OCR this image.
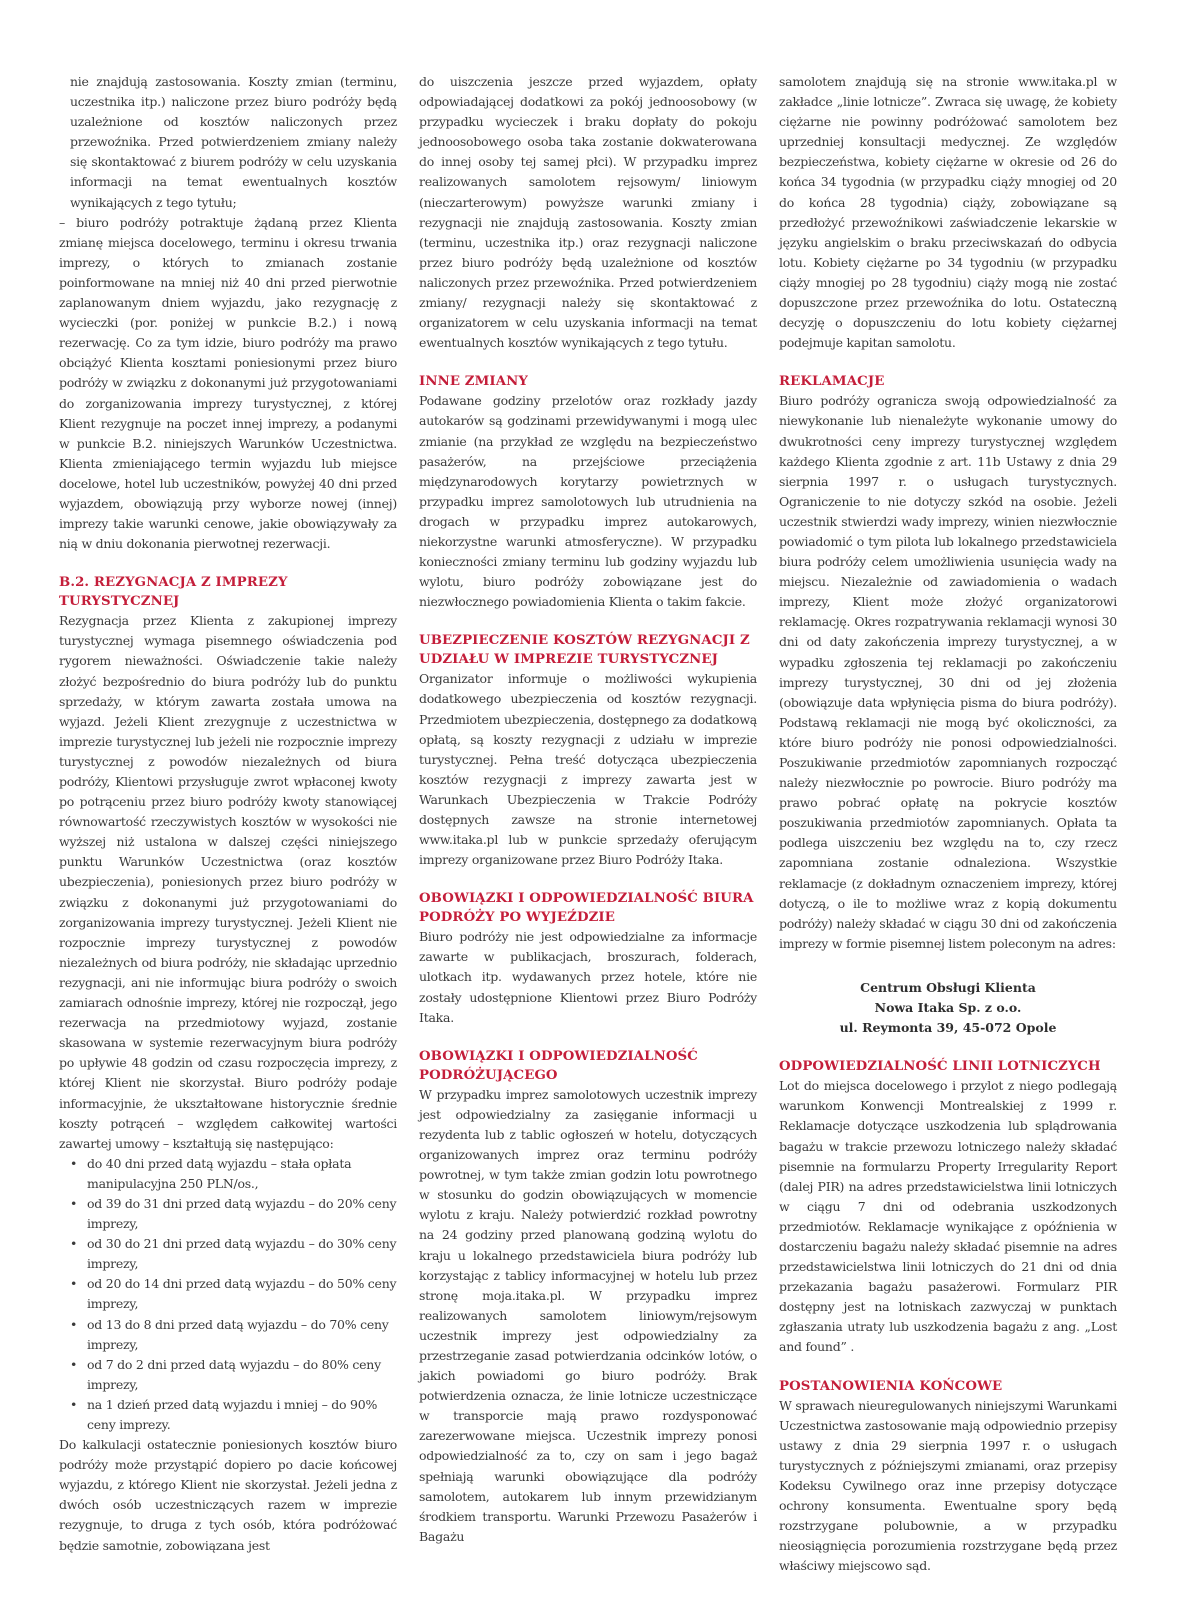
nie znajdują zastosowania. Koszty zmian (terminu, uczestnika itp.) naliczone przez biuro podróży będą uzależnione od kosztów naliczonych przez przewoźnika. Przed potwierdzeniem zmiany należy się skontaktować z biurem podróży w celu uzyskania informacji na temat ewentualnych kosztów wynikających z tego tytułu;

– biuro podróży potraktuje żądaną przez Klienta zmianę miejsca docelowego, terminu i okresu trwania imprezy, o których to zmianach zostanie poinformowane na mniej niż 40 dni przed pierwotnie zaplanowanym dniem wyjazdu, jako rezygnację z wycieczki (por. poniżej w punkcie B.2.) i nową rezerwację. Co za tym idzie, biuro podróży ma prawo obciążyć Klienta kosztami poniesionymi przez biuro podróży w związku z dokonanymi już przygotowaniami do zorganizowania imprezy turystycznej, z której Klient rezygnuje na poczet innej imprezy, a podanymi w punkcie B.2. niniejszych Warunków Uczestnictwa. Klienta zmieniającego termin wyjazdu lub miejsce docelowe, hotel lub uczestników, powyżej 40 dni przed wyjazdem, obowiązują przy wyborze nowej (innej) imprezy takie warunki cenowe, jakie obowiązywały za nią w dniu dokonania pierwotnej rezerwacji.

B.2. REZYGNACJA Z IMPREZY TURYSTYCZNEJ

Rezygnacja przez Klienta z zakupionej imprezy turystycznej wymaga pisemnego oświadczenia pod rygorem nieważności. Oświadczenie takie należy złożyć bezpośrednio do biura podróży lub do punktu sprzedaży, w którym zawarta została umowa na wyjazd. Jeżeli Klient zrezygnuje z uczestnictwa w imprezie turystycznej lub jeżeli nie rozpocznie imprezy turystycznej z powodów niezależnych od biura podróży, Klientowi przysługuje zwrot wpłaconej kwoty po potrąceniu przez biuro podróży kwoty stanowiącej równowartość rzeczywistych kosztów w wysokości nie wyższej niż ustalona w dalszej części niniejszego punktu Warunków Uczestnictwa (oraz kosztów ubezpieczenia), poniesionych przez biuro podróży w związku z dokonanymi już przygotowaniami do zorganizowania imprezy turystycznej. Jeżeli Klient nie rozpocznie imprezy turystycznej z powodów niezależnych od biura podróży, nie składając uprzednio rezygnacji, ani nie informując biura podróży o swoich zamiarach odnośnie imprezy, której nie rozpoczął, jego rezerwacja na przedmiotowy wyjazd, zostanie skasowana w systemie rezerwacyjnym biura podróży po upływie 48 godzin od czasu rozpoczęcia imprezy, z której Klient nie skorzystał. Biuro podróży podaje informacyjnie, że ukształtowane historycznie średnie koszty potrąceń – względem całkowitej wartości zawartej umowy – kształtują się następująco:

• do 40 dni przed datą wyjazdu – stała opłata manipulacyjna 250 PLN/os.,
• od 39 do 31 dni przed datą wyjazdu – do 20% ceny imprezy,
• od 30 do 21 dni przed datą wyjazdu – do 30% ceny imprezy,
• od 20 do 14 dni przed datą wyjazdu – do 50% ceny imprezy,
• od 13 do 8 dni przed datą wyjazdu – do 70% ceny imprezy,
• od 7 do 2 dni przed datą wyjazdu – do 80% ceny imprezy,
• na 1 dzień przed datą wyjazdu i mniej – do 90% ceny imprezy.

Do kalkulacji ostatecznie poniesionych kosztów biuro podróży może przystąpić dopiero po dacie końcowej wyjazdu, z którego Klient nie skorzystał. Jeżeli jedna z dwóch osób uczestniczących razem w imprezie rezygnuje, to druga z tych osób, która podróżować będzie samotnie, zobowiązana jest

do uiszczenia jeszcze przed wyjazdem, opłaty odpowiadającej dodatkowi za pokój jednoosobowy (w przypadku wycieczek i braku dopłaty do pokoju jednoosobowego osoba taka zostanie dokwaterowana do innej osoby tej samej płci). W przypadku imprez realizowanych samolotem rejsowym/ liniowym (nieczarterowym) powyższe warunki zmiany i rezygnacji nie znajdują zastosowania. Koszty zmian (terminu, uczestnika itp.) oraz rezygnacji naliczone przez biuro podróży będą uzależnione od kosztów naliczonych przez przewoźnika. Przed potwierdzeniem zmiany/ rezygnacji należy się skontaktować z organizatorem w celu uzyskania informacji na temat ewentualnych kosztów wynikających z tego tytułu.

INNE ZMIANY

Podawane godziny przelotów oraz rozkłady jazdy autokarów są godzinami przewidywanymi i mogą ulec zmianie (na przykład ze względu na bezpieczeństwo pasażerów, na przejściowe przeciążenia międzynarodowych korytarzy powietrznych w przypadku imprez samolotowych lub utrudnienia na drogach w przypadku imprez autokarowych, niekorzystne warunki atmosferyczne). W przypadku konieczności zmiany terminu lub godziny wyjazdu lub wylotu, biuro podróży zobowiązane jest do niezwłocznego powiadomienia Klienta o takim fakcie.

UBEZPIECZENIE KOSZTÓW REZYGNACJI Z UDZIAŁU W IMPREZIE TURYSTYCZNEJ

Organizator informuje o możliwości wykupienia dodatkowego ubezpieczenia od kosztów rezygnacji. Przedmiotem ubezpieczenia, dostępnego za dodatkową opłatą, są koszty rezygnacji z udziału w imprezie turystycznej. Pełna treść dotycząca ubezpieczenia kosztów rezygnacji z imprezy zawarta jest w Warunkach Ubezpieczenia w Trakcie Podróży dostępnych zawsze na stronie internetowej www.itaka.pl lub w punkcie sprzedaży oferującym imprezy organizowane przez Biuro Podróży Itaka.

OBOWIĄZKI I ODPOWIEDZIALNOŚĆ BIURA PODRÓŻY PO WYJEŹDZIE

Biuro podróży nie jest odpowiedzialne za informacje zawarte w publikacjach, broszurach, folderach, ulotkach itp. wydawanych przez hotele, które nie zostały udostępnione Klientowi przez Biuro Podróży Itaka.

OBOWIĄZKI I ODPOWIEDZIALNOŚĆ PODRÓŻUJĄCEGO

W przypadku imprez samolotowych uczestnik imprezy jest odpowiedzialny za zasięganie informacji u rezydenta lub z tablic ogłoszeń w hotelu, dotyczących organizowanych imprez oraz terminu podróży powrotnej, w tym także zmian godzin lotu powrotnego w stosunku do godzin obowiązujących w momencie wylotu z kraju. Należy potwierdzić rozkład powrotny na 24 godziny przed planowaną godziną wylotu do kraju u lokalnego przedstawiciela biura podróży lub korzystając z tablicy informacyjnej w hotelu lub przez stronę moja.itaka.pl. W przypadku imprez realizowanych samolotem liniowym/rejsowym uczestnik imprezy jest odpowiedzialny za przestrzeganie zasad potwierdzania odcinków lotów, o jakich powiadomi go biuro podróży. Brak potwierdzenia oznacza, że linie lotnicze uczestniczące w transporcie mają prawo rozdysponować zarezerwowane miejsca. Uczestnik imprezy ponosi odpowiedzialność za to, czy on sam i jego bagaż spełniają warunki obowiązujące dla podróży samolotem, autokarem lub innym przewidzianym środkiem transportu. Warunki Przewozu Pasażerów i Bagażu

samolotem znajdują się na stronie www.itaka.pl w zakładce „linie lotnicze”. Zwraca się uwagę, że kobiety ciężarne nie powinny podróżować samolotem bez uprzedniej konsultacji medycznej. Ze względów bezpieczeństwa, kobiety ciężarne w okresie od 26 do końca 34 tygodnia (w przypadku ciąży mnogiej od 20 do końca 28 tygodnia) ciąży, zobowiązane są przedłożyć przewoźnikowi zaświadczenie lekarskie w języku angielskim o braku przeciwskazań do odbycia lotu. Kobiety ciężarne po 34 tygodniu (w przypadku ciąży mnogiej po 28 tygodniu) ciąży mogą nie zostać dopuszczone przez przewoźnika do lotu. Ostateczną decyzję o dopuszczeniu do lotu kobiety ciężarnej podejmuje kapitan samolotu.

REKLAMACJE

Biuro podróży ogranicza swoją odpowiedzialność za niewykonanie lub nienależyte wykonanie umowy do dwukrotności ceny imprezy turystycznej względem każdego Klienta zgodnie z art. 11b Ustawy z dnia 29 sierpnia 1997 r. o usługach turystycznych. Ograniczenie to nie dotyczy szkód na osobie. Jeżeli uczestnik stwierdzi wady imprezy, winien niezwłocznie powiadomić o tym pilota lub lokalnego przedstawiciela biura podróży celem umożliwienia usunięcia wady na miejscu. Niezależnie od zawiadomienia o wadach imprezy, Klient może złożyć organizatorowi reklamację. Okres rozpatrywania reklamacji wynosi 30 dni od daty zakończenia imprezy turystycznej, a w wypadku zgłoszenia tej reklamacji po zakończeniu imprezy turystycznej, 30 dni od jej złożenia (obowiązuje data wpłynięcia pisma do biura podróży). Podstawą reklamacji nie mogą być okoliczności, za które biuro podróży nie ponosi odpowiedzialności. Poszukiwanie przedmiotów zapomnianych rozpocząć należy niezwłocznie po powrocie. Biuro podróży ma prawo pobrać opłatę na pokrycie kosztów poszukiwania przedmiotów zapomnianych. Opłata ta podlega uiszczeniu bez względu na to, czy rzecz zapomniana zostanie odnaleziona. Wszystkie reklamacje (z dokładnym oznaczeniem imprezy, której dotyczą, o ile to możliwe wraz z kopią dokumentu podróży) należy składać w ciągu 30 dni od zakończenia imprezy w formie pisemnej listem poleconym na adres:

Centrum Obsługi Klienta
Nowa Itaka Sp. z o.o.
ul. Reymonta 39, 45-072 Opole
ODPOWIEDZIALNOŚĆ LINII LOTNICZYCH

Lot do miejsca docelowego i przylot z niego podlegają warunkom Konwencji Montrealskiej z 1999 r. Reklamacje dotyczące uszkodzenia lub splądrowania bagażu w trakcie przewozu lotniczego należy składać pisemnie na formularzu Property Irregularity Report (dalej PIR) na adres przedstawicielstwa linii lotniczych w ciągu 7 dni od odebrania uszkodzonych przedmiotów. Reklamacje wynikające z opóźnienia w dostarczeniu bagażu należy składać pisemnie na adres przedstawicielstwa linii lotniczych do 21 dni od dnia przekazania bagażu pasażerowi. Formularz PIR dostępny jest na lotniskach zazwyczaj w punktach zgłaszania utraty lub uszkodzenia bagażu z ang. „Lost and found” .

POSTANOWIENIA KOŃCOWE

W sprawach nieuregulowanych niniejszymi Warunkami Uczestnictwa zastosowanie mają odpowiednio przepisy ustawy z dnia 29 sierpnia 1997 r. o usługach turystycznych z późniejszymi zmianami, oraz przepisy Kodeksu Cywilnego oraz inne przepisy dotyczące ochrony konsumenta. Ewentualne spory będą rozstrzygane polubownie, a w przypadku nieosiągnięcia porozumienia rozstrzygane będą przez właściwy miejscowo sąd.
